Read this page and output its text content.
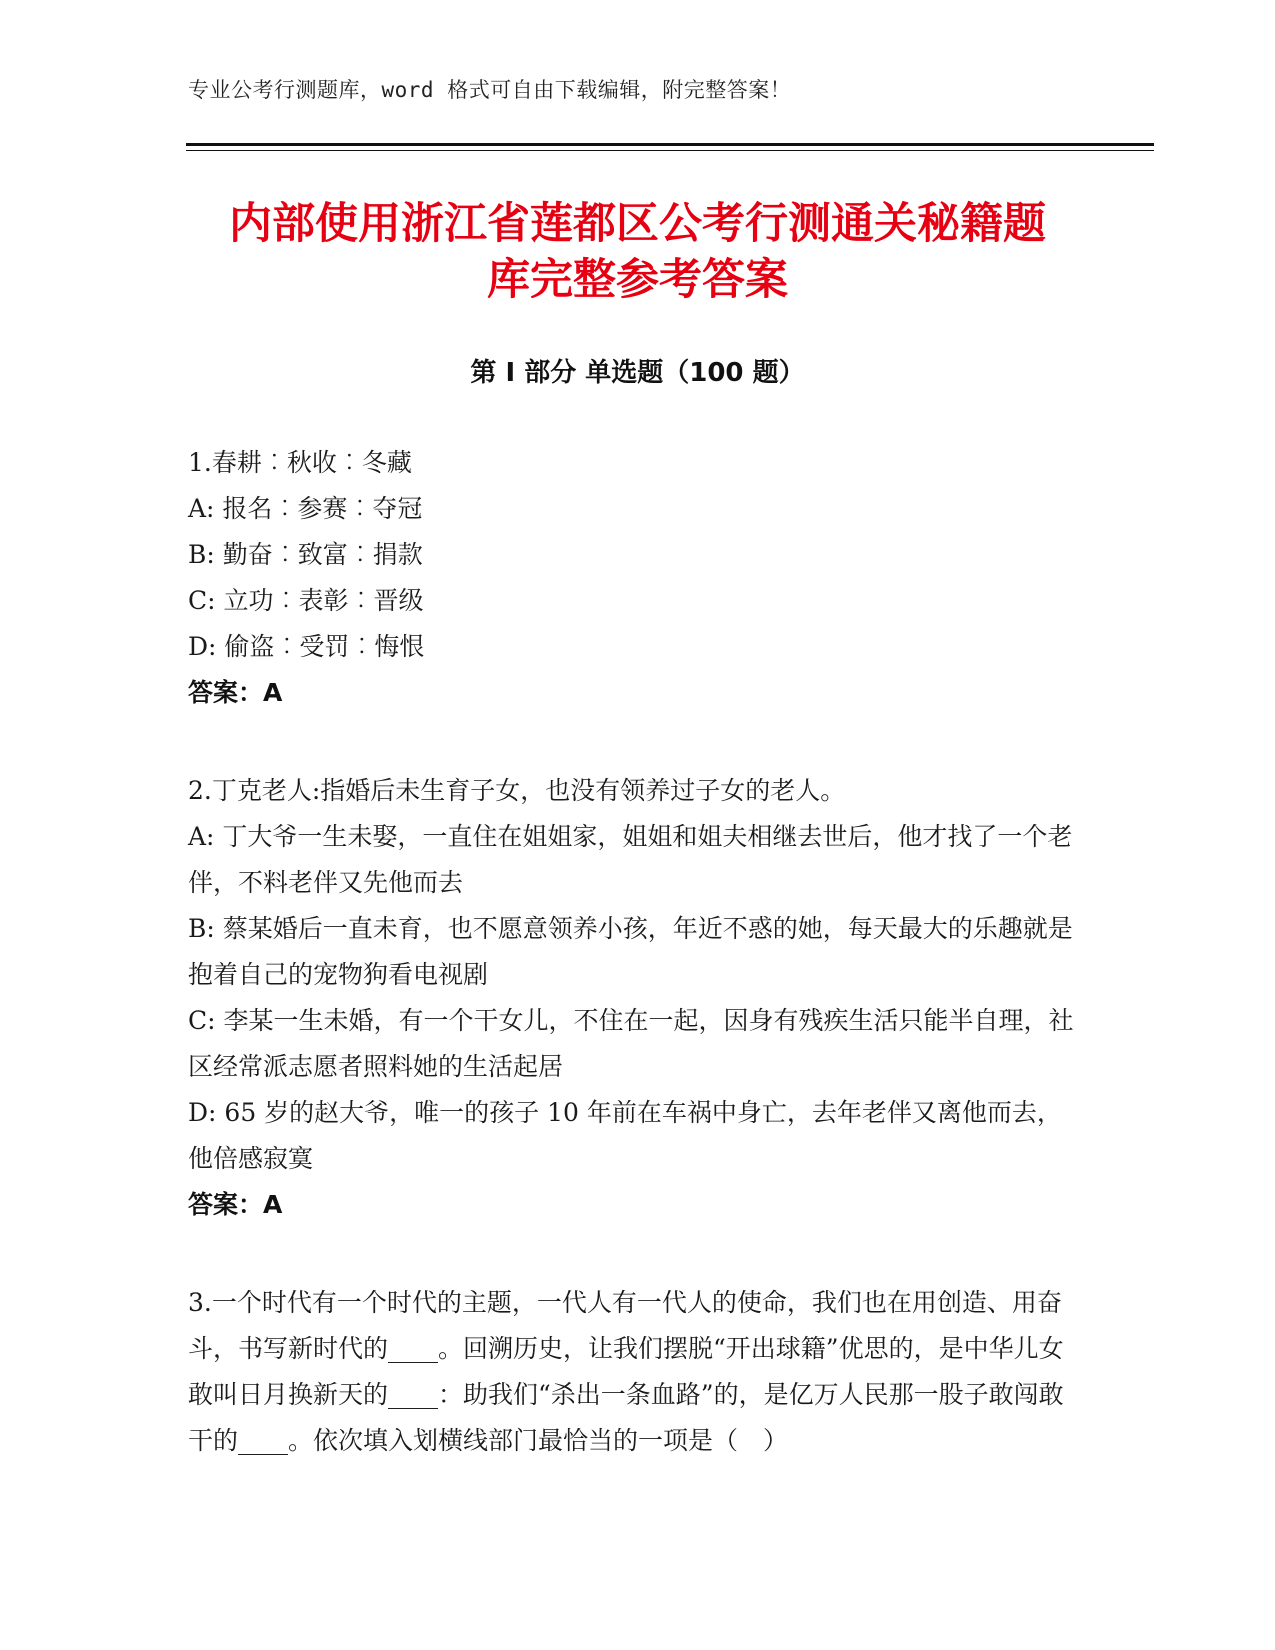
专业公考行测题库，word 格式可自由下载编辑，附完整答案！
内部使用浙江省莲都区公考行测通关秘籍题
库完整参考答案
第 I 部分 单选题（100 题）

1.春耕︰秋收︰冬藏

A: 报名︰参赛︰夺冠

B: 勤奋︰致富︰捐款

C: 立功︰表彰︰晋级

D: 偷盗︰受罚︰悔恨

答案：A

2.丁克老人:指婚后未生育子女，也没有领养过子女的老人。

A: 丁大爷一生未娶，一直住在姐姐家，姐姐和姐夫相继去世后，他才找了一个老伴，不料老伴又先他而去

B: 蔡某婚后一直未育，也不愿意领养小孩，年近不惑的她，每天最大的乐趣就是抱着自己的宠物狗看电视剧

C: 李某一生未婚，有一个干女儿，不住在一起，因身有残疾生活只能半自理，社区经常派志愿者照料她的生活起居

D: 65 岁的赵大爷，唯一的孩子 10 年前在车祸中身亡，去年老伴又离他而去，他倍感寂寞

答案：A

3.一个时代有一个时代的主题，一代人有一代人的使命，我们也在用创造、用奋斗，书写新时代的____。回溯历史，让我们摆脱“开出球籍”优思的，是中华儿女敢叫日月换新天的____：助我们“杀出一条血路”的，是亿万人民那一股子敢闯敢干的____。依次填入划横线部门最恰当的一项是（　）
